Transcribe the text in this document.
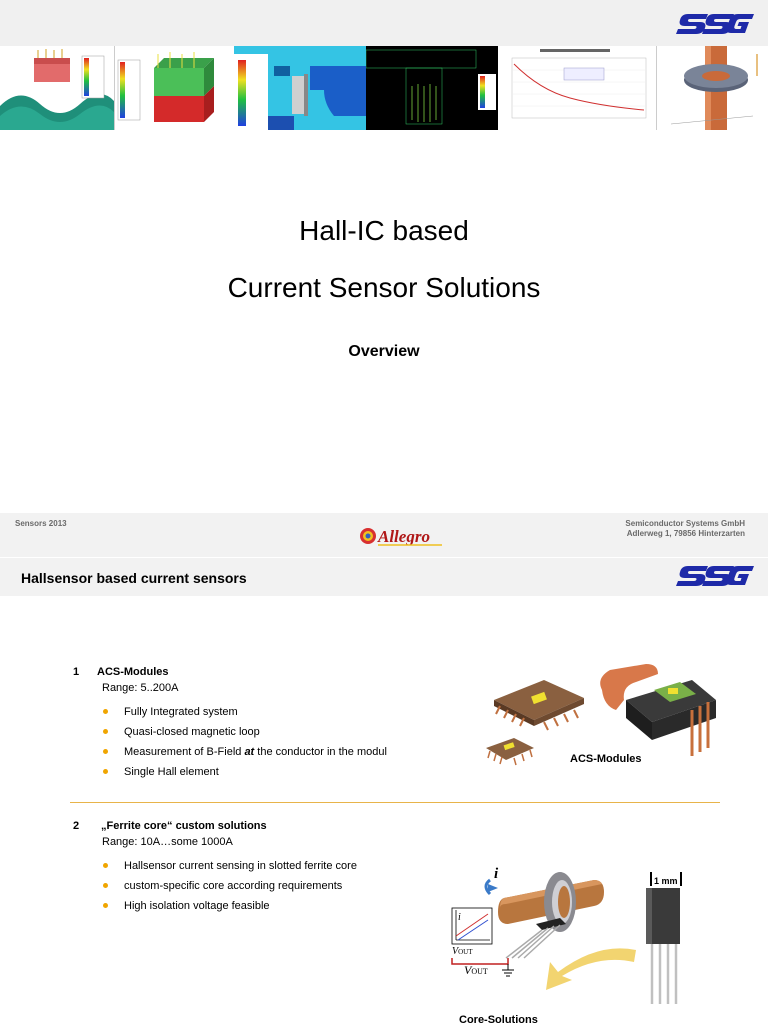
Hall-IC based
Current Sensor Solutions
Overview
Sensors 2013
Allegro
Semiconductor Systems GmbH
Adlerweg 1, 79856 Hinterzarten
Hallsensor based current sensors
1 ACS-Modules
Range: 5..200A
Fully Integrated system
Quasi-closed magnetic loop
Measurement of B-Field at the conductor in the modul
Single Hall element
ACS-Modules
2 „Ferrite core“ custom solutions
Range: 10A…some 1000A
Hallsensor current sensing in slotted ferrite core
custom-specific core according requirements
High isolation voltage feasible
i
i
VOUT
VOUT
1 mm
Core-Solutions
